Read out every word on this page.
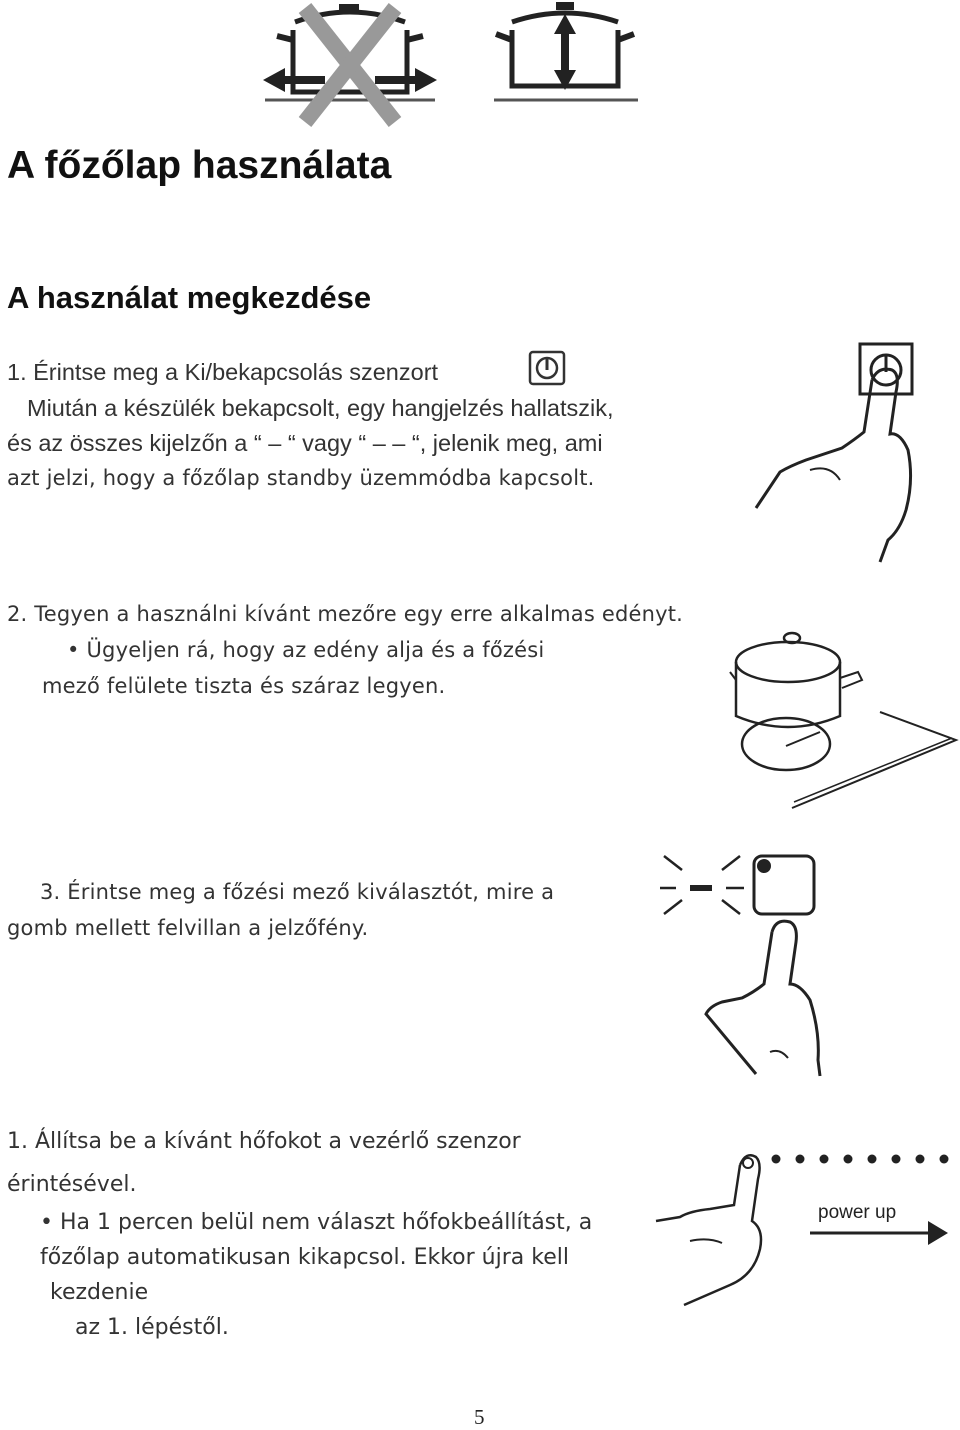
A főzőlap használata
A használat megkezdése
1. Érintse meg a Ki/bekapcsolás szenzort
Miután a készülék bekapcsolt, egy hangjelzés hallatszik,
és az összes kijelzőn a “ – “ vagy “ – – “, jelenik meg, ami
azt jelzi, hogy a főzőlap standby üzemmódba kapcsolt.
2. Tegyen a használni kívánt mezőre egy erre alkalmas edényt.
• Ügyeljen rá, hogy az edény alja és a főzési
mező felülete tiszta és száraz legyen.
3. Érintse meg a főzési mező kiválasztót, mire a
gomb mellett felvillan a jelzőfény.
1. Állítsa be a kívánt hőfokot a vezérlő szenzor
érintésével.
• Ha 1 percen belül nem választ hőfokbeállítást, a
főzőlap automatikusan kikapcsol. Ekkor újra kell
kezdenie
az 1. lépéstől.
power up
5
